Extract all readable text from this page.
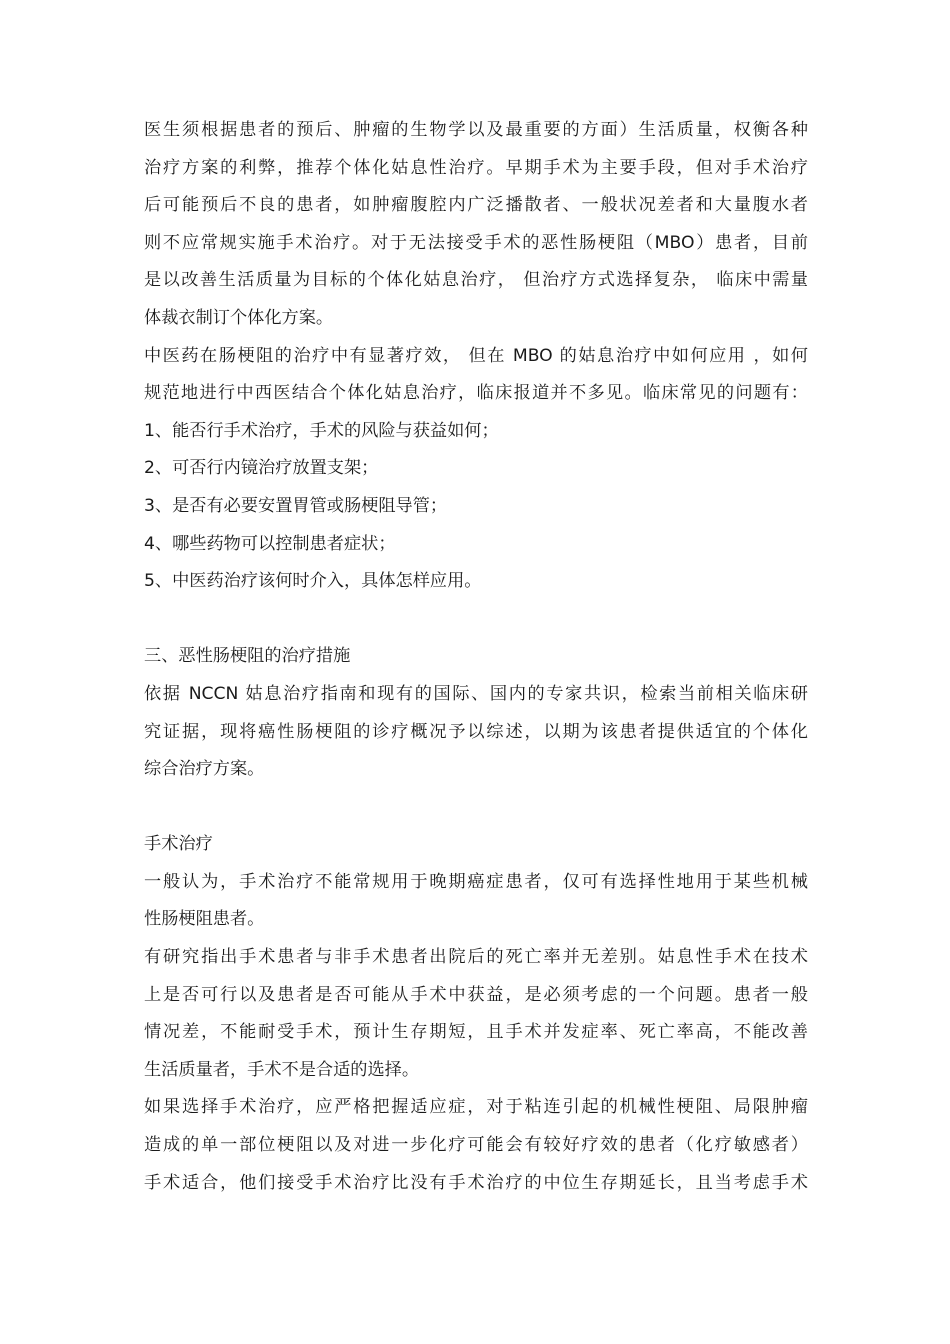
医生须根据患者的预后、肿瘤的生物学以及最重要的方面）生活质量，权衡各种
治疗方案的利弊，推荐个体化姑息性治疗。早期手术为主要手段，但对手术治疗
后可能预后不良的患者，如肿瘤腹腔内广泛播散者、一般状况差者和大量腹水者
则不应常规实施手术治疗。对于无法接受手术的恶性肠梗阻（MBO）患者，目前
是以改善生活质量为目标的个体化姑息治疗， 但治疗方式选择复杂， 临床中需量
体裁衣制订个体化方案。
中医药在肠梗阻的治疗中有显著疗效， 但在 MBO 的姑息治疗中如何应用 ，如何
规范地进行中西医结合个体化姑息治疗，临床报道并不多见。临床常见的问题有：
1、能否行手术治疗，手术的风险与获益如何；
2、可否行内镜治疗放置支架；
3、是否有必要安置胃管或肠梗阻导管；
4、哪些药物可以控制患者症状；
5、中医药治疗该何时介入，具体怎样应用。
三、恶性肠梗阻的治疗措施
依据 NCCN 姑息治疗指南和现有的国际、国内的专家共识，检索当前相关临床研
究证据，现将癌性肠梗阻的诊疗概况予以综述，以期为该患者提供适宜的个体化
综合治疗方案。
手术治疗
一般认为，手术治疗不能常规用于晚期癌症患者，仅可有选择性地用于某些机械
性肠梗阻患者。
有研究指出手术患者与非手术患者出院后的死亡率并无差别。姑息性手术在技术
上是否可行以及患者是否可能从手术中获益，是必须考虑的一个问题。患者一般
情况差，不能耐受手术，预计生存期短，且手术并发症率、死亡率高，不能改善
生活质量者，手术不是合适的选择。
如果选择手术治疗，应严格把握适应症，对于粘连引起的机械性梗阻、局限肿瘤
造成的单一部位梗阻以及对进一步化疗可能会有较好疗效的患者（化疗敏感者）
手术适合，他们接受手术治疗比没有手术治疗的中位生存期延长，且当考虑手术
